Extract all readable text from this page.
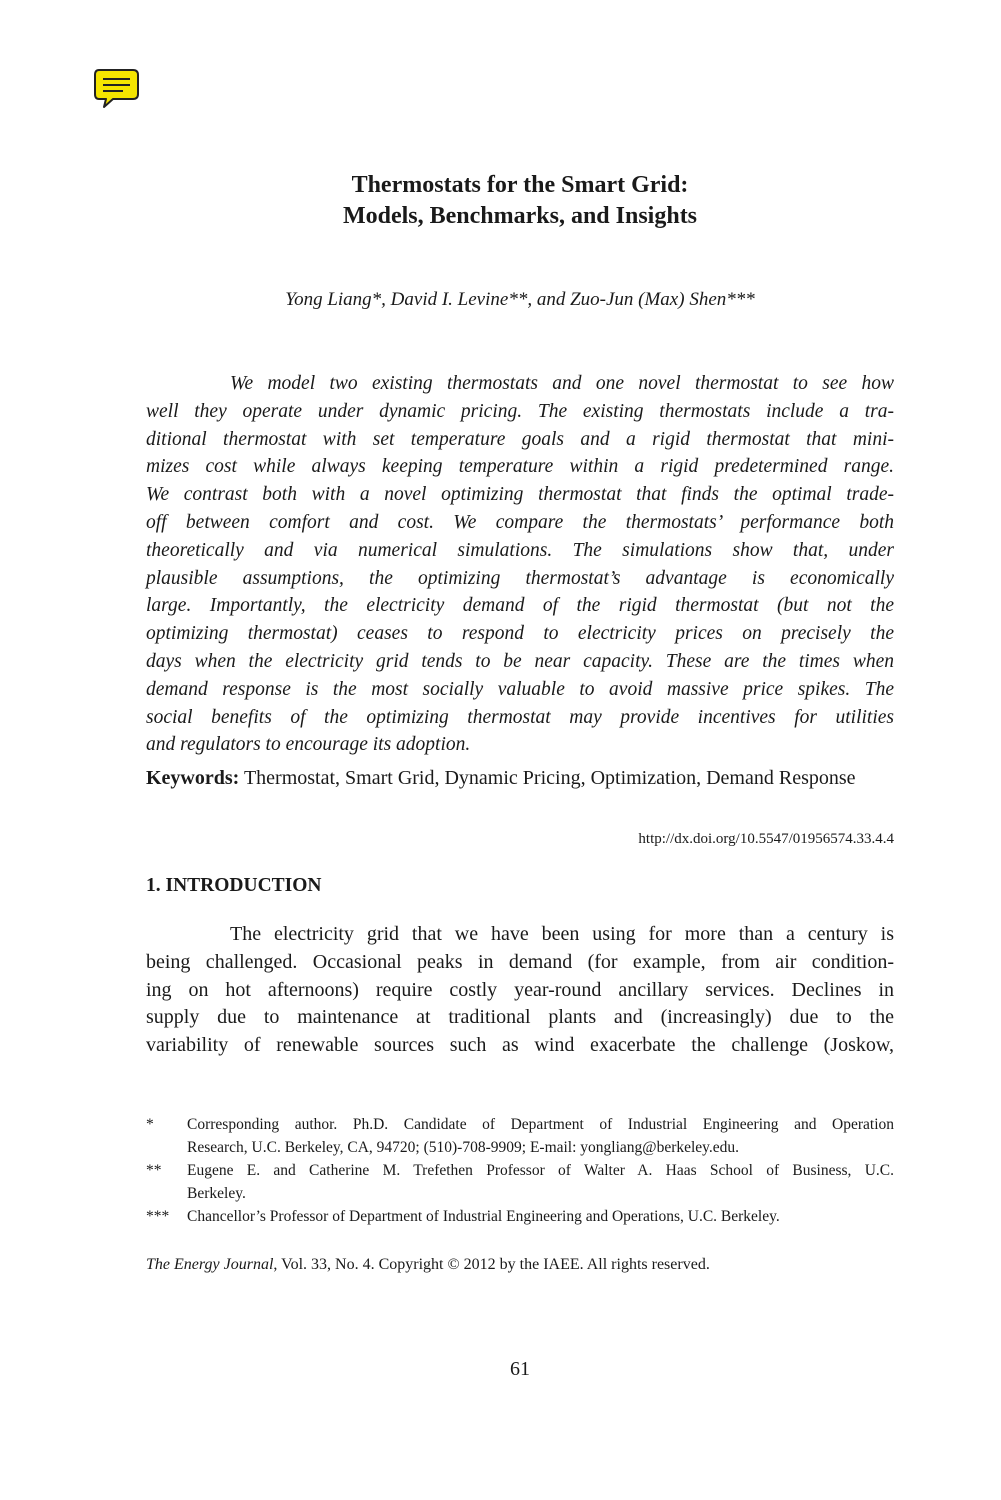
Thermostats for the Smart Grid:
Models, Benchmarks, and Insights
Yong Liang*, David I. Levine**, and Zuo-Jun (Max) Shen***
We model two existing thermostats and one novel thermostat to see how
well they operate under dynamic pricing. The existing thermostats include a tra-
ditional thermostat with set temperature goals and a rigid thermostat that mini-
mizes cost while always keeping temperature within a rigid predetermined range.
We contrast both with a novel optimizing thermostat that finds the optimal trade-
off between comfort and cost. We compare the thermostats’ performance both
theoretically and via numerical simulations. The simulations show that, under
plausible assumptions, the optimizing thermostat’s advantage is economically
large. Importantly, the electricity demand of the rigid thermostat (but not the
optimizing thermostat) ceases to respond to electricity prices on precisely the
days when the electricity grid tends to be near capacity. These are the times when
demand response is the most socially valuable to avoid massive price spikes. The
social benefits of the optimizing thermostat may provide incentives for utilities
and regulators to encourage its adoption.
Keywords: Thermostat, Smart Grid, Dynamic Pricing, Optimization, Demand Response
http://dx.doi.org/10.5547/01956574.33.4.4
1. INTRODUCTION
The electricity grid that we have been using for more than a century is
being challenged. Occasional peaks in demand (for example, from air condition-
ing on hot afternoons) require costly year-round ancillary services. Declines in
supply due to maintenance at traditional plants and (increasingly) due to the
variability of renewable sources such as wind exacerbate the challenge (Joskow,
* Corresponding author. Ph.D. Candidate of Department of Industrial Engineering and Operation
Research, U.C. Berkeley, CA, 94720; (510)-708-9909; E-mail: yongliang@berkeley.edu.
** Eugene E. and Catherine M. Trefethen Professor of Walter A. Haas School of Business, U.C.
Berkeley.
*** Chancellor’s Professor of Department of Industrial Engineering and Operations, U.C. Berkeley.
The Energy Journal, Vol. 33, No. 4. Copyright © 2012 by the IAEE. All rights reserved.
61
